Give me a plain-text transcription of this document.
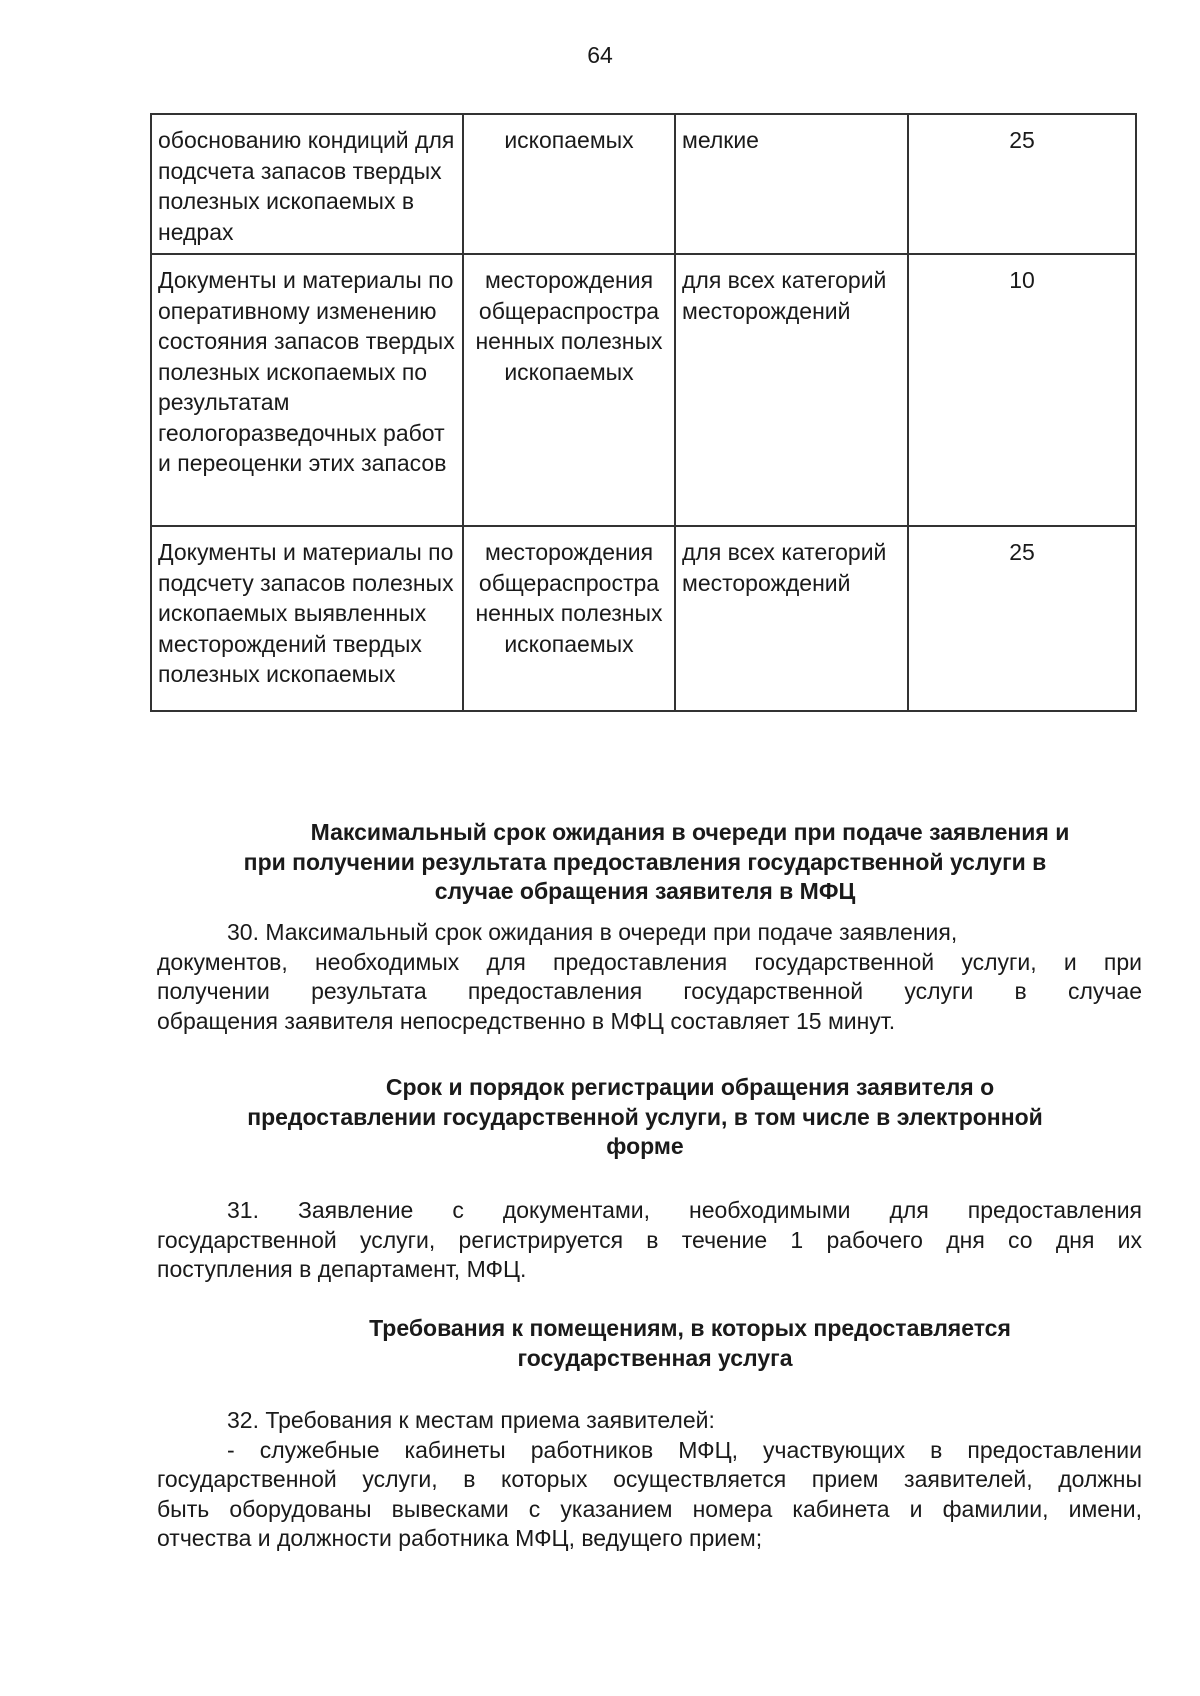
64
обоснованию кондиций для подсчета запасов твердых полезных ископаемых в недрах	ископаемых	мелкие	25
Документы и материалы по оперативному изменению состояния запасов твердых полезных ископаемых по результатам геологоразведочных работ и переоценки этих запасов	месторождения общераспростра ненных полезных ископаемых	для всех категорий месторождений	10
Документы и материалы по подсчету запасов полезных ископаемых выявленных месторождений твердых полезных ископаемых	месторождения общераспростра ненных полезных ископаемых	для всех категорий месторождений	25
Максимальный срок ожидания в очереди при подаче заявления и
при получении результата предоставления государственной услуги в
случае обращения заявителя в МФЦ
30. Максимальный срок ожидания в очереди при подаче заявления,
документов, необходимых для предоставления государственной услуги, и при
получении результата предоставления государственной услуги в случае
обращения заявителя непосредственно в МФЦ составляет 15 минут.
Срок и порядок регистрации обращения заявителя о
предоставлении государственной услуги, в том числе в электронной
форме
31. Заявление с документами, необходимыми для предоставления
государственной услуги, регистрируется в течение 1 рабочего дня со дня их
поступления в департамент, МФЦ.
Требования к помещениям, в которых предоставляется
государственная услуга
32. Требования к местам приема заявителей:
- служебные кабинеты работников МФЦ, участвующих в предоставлении
государственной услуги, в которых осуществляется прием заявителей, должны
быть оборудованы вывесками с указанием номера кабинета и фамилии, имени,
отчества и должности работника МФЦ, ведущего прием;
